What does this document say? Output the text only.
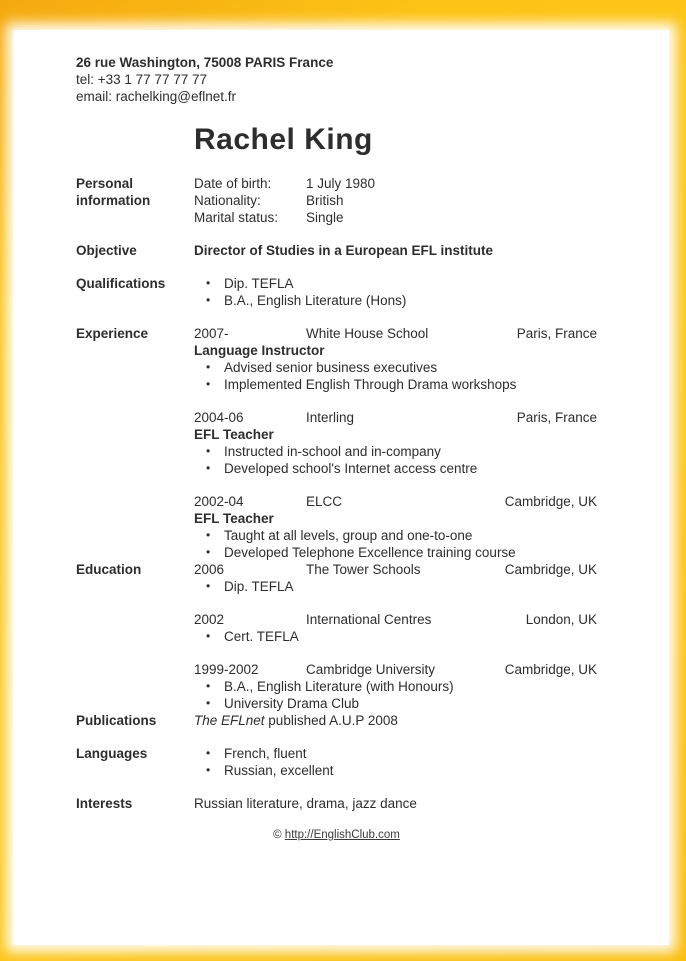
26 rue Washington, 75008 PARIS France
tel: +33 1 77 77 77 77
email: rachelking@eflnet.fr
Rachel King
Personal
information
Date of birth:	1 July 1980
Nationality:	British
Marital status:	Single
Objective	Director of Studies in a European EFL institute
Qualifications	•	Dip. TEFLA
•	B.A., English Literature (Hons)
Experience	2007-	White House School	Paris, France
Language Instructor
•	Advised senior business executives
•	Implemented English Through Drama workshops
2004-06	Interling	Paris, France
EFL Teacher
•	Instructed in-school and in-company
•	Developed school's Internet access centre
2002-04	ELCC	Cambridge, UK
EFL Teacher
•	Taught at all levels, group and one-to-one
•	Developed Telephone Excellence training course
Education	2006	The Tower Schools	Cambridge, UK
•	Dip. TEFLA
2002	International Centres	London, UK
•	Cert. TEFLA
1999-2002	Cambridge University	Cambridge, UK
•	B.A., English Literature (with Honours)
•	University Drama Club
Publications	The EFLnet published A.U.P 2008
Languages	•	French, fluent
•	Russian, excellent
Interests	Russian literature, drama, jazz dance
© http://EnglishClub.com
